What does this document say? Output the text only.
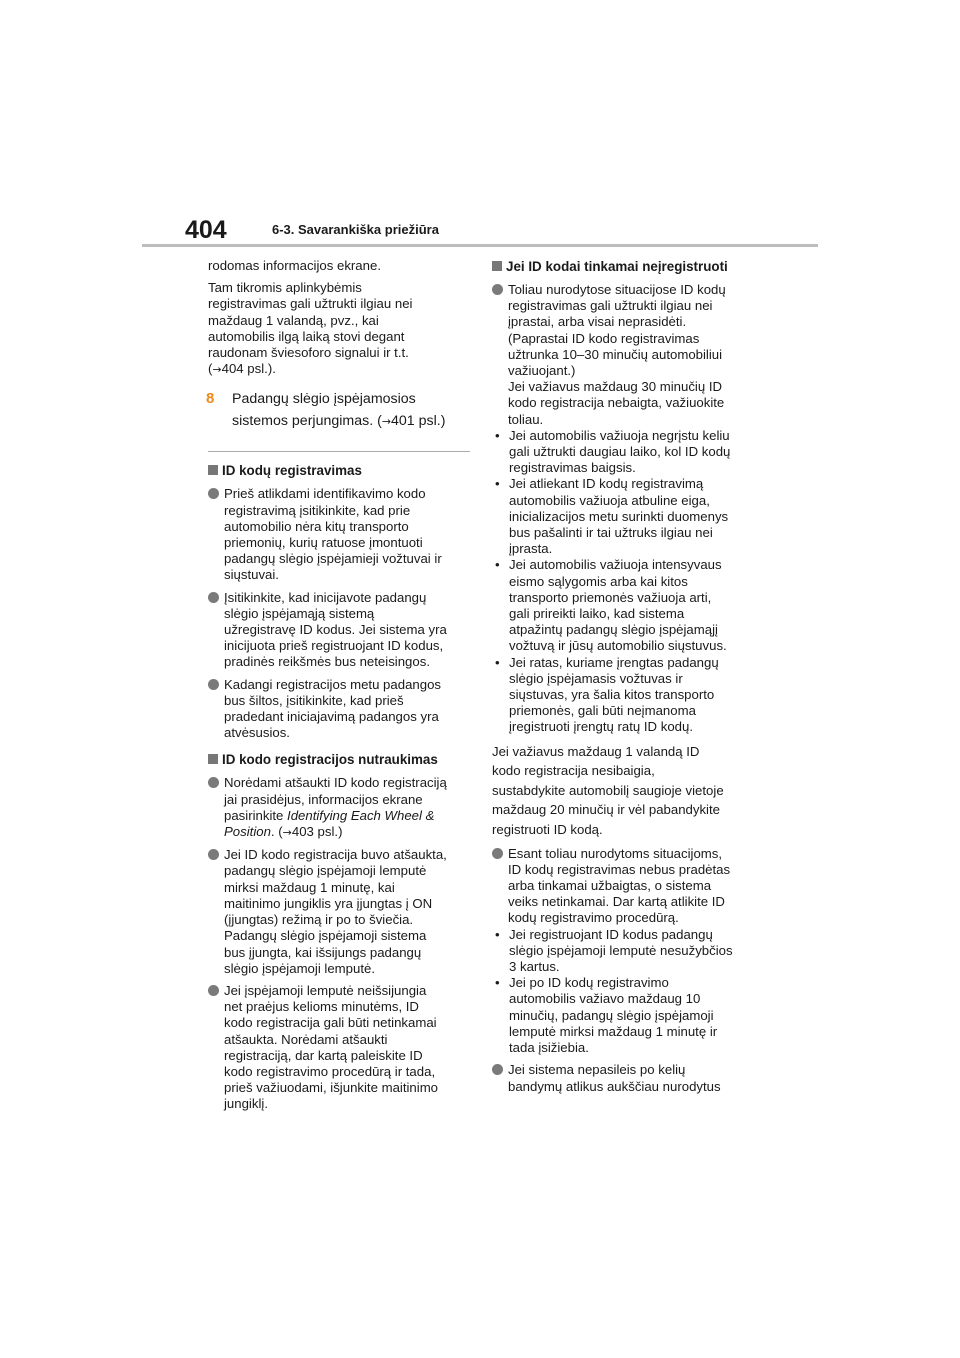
404	6-3. Savarankiška priežiūra

rodomas informacijos ekrane.

Tam tikromis aplinkybėmis
registravimas gali užtrukti ilgiau nei
maždaug 1 valandą, pvz., kai
automobilis ilgą laiką stovi degant
raudonam šviesoforo signalui ir t.t.
(→404 psl.).

8 Padangų slėgio įspėjamosios
sistemos perjungimas. (→401 psl.)
ID kodų registravimas
Prieš atlikdami identifikavimo kodo
registravimą įsitikinkite, kad prie
automobilio nėra kitų transporto
priemonių, kurių ratuose įmontuoti
padangų slėgio įspėjamieji vožtuvai ir
siųstuvai.
Įsitikinkite, kad inicijavote padangų
slėgio įspėjamąją sistemą
užregistravę ID kodus. Jei sistema yra
inicijuota prieš registruojant ID kodus,
pradinės reikšmės bus neteisingos.
Kadangi registracijos metu padangos
bus šiltos, įsitikinkite, kad prieš
pradedant iniciajavimą padangos yra
atvėsusios.
ID kodo registracijos nutraukimas
Norėdami atšaukti ID kodo registraciją
jai prasidėjus, informacijos ekrane
pasirinkite Identifying Each Wheel &
Position. (→403 psl.)
Jei ID kodo registracija buvo atšaukta,
padangų slėgio įspėjamoji lemputė
mirksi maždaug 1 minutę, kai
maitinimo jungiklis yra įjungtas į ON
(įjungtas) režimą ir po to šviečia.
Padangų slėgio įspėjamoji sistema
bus įjungta, kai išsijungs padangų
slėgio įspėjamoji lemputė.
Jei įspėjamoji lemputė neišsijungia
net praėjus kelioms minutėms, ID
kodo registracija gali būti netinkamai
atšaukta. Norėdami atšaukti
registraciją, dar kartą paleiskite ID
kodo registravimo procedūrą ir tada,
prieš važiuodami, išjunkite maitinimo
jungiklį.
Jei ID kodai tinkamai neįregistruoti
Toliau nurodytose situacijose ID kodų
registravimas gali užtrukti ilgiau nei
įprastai, arba visai neprasidėti.
(Paprastai ID kodo registravimas
užtrunka 10–30 minučių automobiliui
važiuojant.)
Jei važiavus maždaug 30 minučių ID
kodo registracija nebaigta, važiuokite
toliau.
• Jei automobilis važiuoja negrįstu keliu
gali užtrukti daugiau laiko, kol ID kodų
registravimas baigsis.
• Jei atliekant ID kodų registravimą
automobilis važiuoja atbuline eiga,
inicializacijos metu surinkti duomenys
bus pašalinti ir tai užtruks ilgiau nei
įprasta.
• Jei automobilis važiuoja intensyvaus
eismo sąlygomis arba kai kitos
transporto priemonės važiuoja arti,
gali prireikti laiko, kad sistema
atpažintų padangų slėgio įspėjamąjį
vožtuvą ir jūsų automobilio siųstuvus.
• Jei ratas, kuriame įrengtas padangų
slėgio įspėjamasis vožtuvas ir
siųstuvas, yra šalia kitos transporto
priemonės, gali būti neįmanoma
įregistruoti įrengtų ratų ID kodų.

Jei važiavus maždaug 1 valandą ID
kodo registracija nesibaigia,
sustabdykite automobilį saugioje vietoje
maždaug 20 minučių ir vėl pabandykite
registruoti ID kodą.

Esant toliau nurodytoms situacijoms,
ID kodų registravimas nebus pradėtas
arba tinkamai užbaigtas, o sistema
veiks netinkamai. Dar kartą atlikite ID
kodų registravimo procedūrą.
• Jei registruojant ID kodus padangų
slėgio įspėjamoji lemputė nesužybčios
3 kartus.
• Jei po ID kodų registravimo
automobilis važiavo maždaug 10
minučių, padangų slėgio įspėjamoji
lemputė mirksi maždaug 1 minutę ir
tada įsižiebia.
Jei sistema nepasileis po kelių
bandymų atlikus aukščiau nurodytus
